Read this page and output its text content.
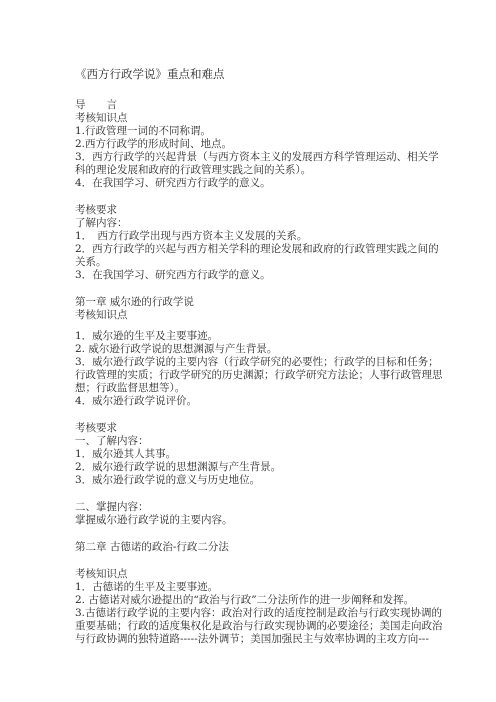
《西方行政学说》重点和难点
导　　言
考核知识点
1.行政管理一词的不同称谓。
2.西方行政学的形成时间、地点。
3．西方行政学的兴起背景（与西方资本主义的发展西方科学管理运动、相关学
科的理论发展和政府的行政管理实践之间的关系）。
4．在我国学习、研究西方行政学的意义。
考核要求
了解内容：
1．　西方行政学出现与西方资本主义发展的关系。
2．西方行政学的兴起与西方相关学科的理论发展和政府的行政管理实践之间的
关系。
3．在我国学习、研究西方行政学的意义。
第一章 威尔逊的行政学说
考核知识点
1．威尔逊的生平及主要事迹。
2. 威尔逊行政学说的思想渊源与产生背景。
3．威尔逊行政学说的主要内容（行政学研究的必要性；行政学的目标和任务；
行政管理的实质；行政学研究的历史渊源；行政学研究方法论；人事行政管理思
想；行政监督思想等）。
4．威尔逊行政学说评价。
考核要求
一、了解内容：
1．威尔逊其人其事。
2．威尔逊行政学说的思想渊源与产生背景。
3．威尔逊行政学说的意义与历史地位。
二、掌握内容：
掌握威尔逊行政学说的主要内容。
第二章 古德诺的政治-行政二分法
考核知识点
1．古德诺的生平及主要事迹。
2. 古德诺对威尔逊提出的“政治与行政”二分法所作的进一步阐释和发挥。
3.古德诺行政学说的主要内容：政治对行政的适度控制是政治与行政实现协调的
重要基础；行政的适度集权化是政治与行政实现协调的必要途径；美国走向政治
与行政协调的独特道路-----法外调节；美国加强民主与效率协调的主攻方向---
